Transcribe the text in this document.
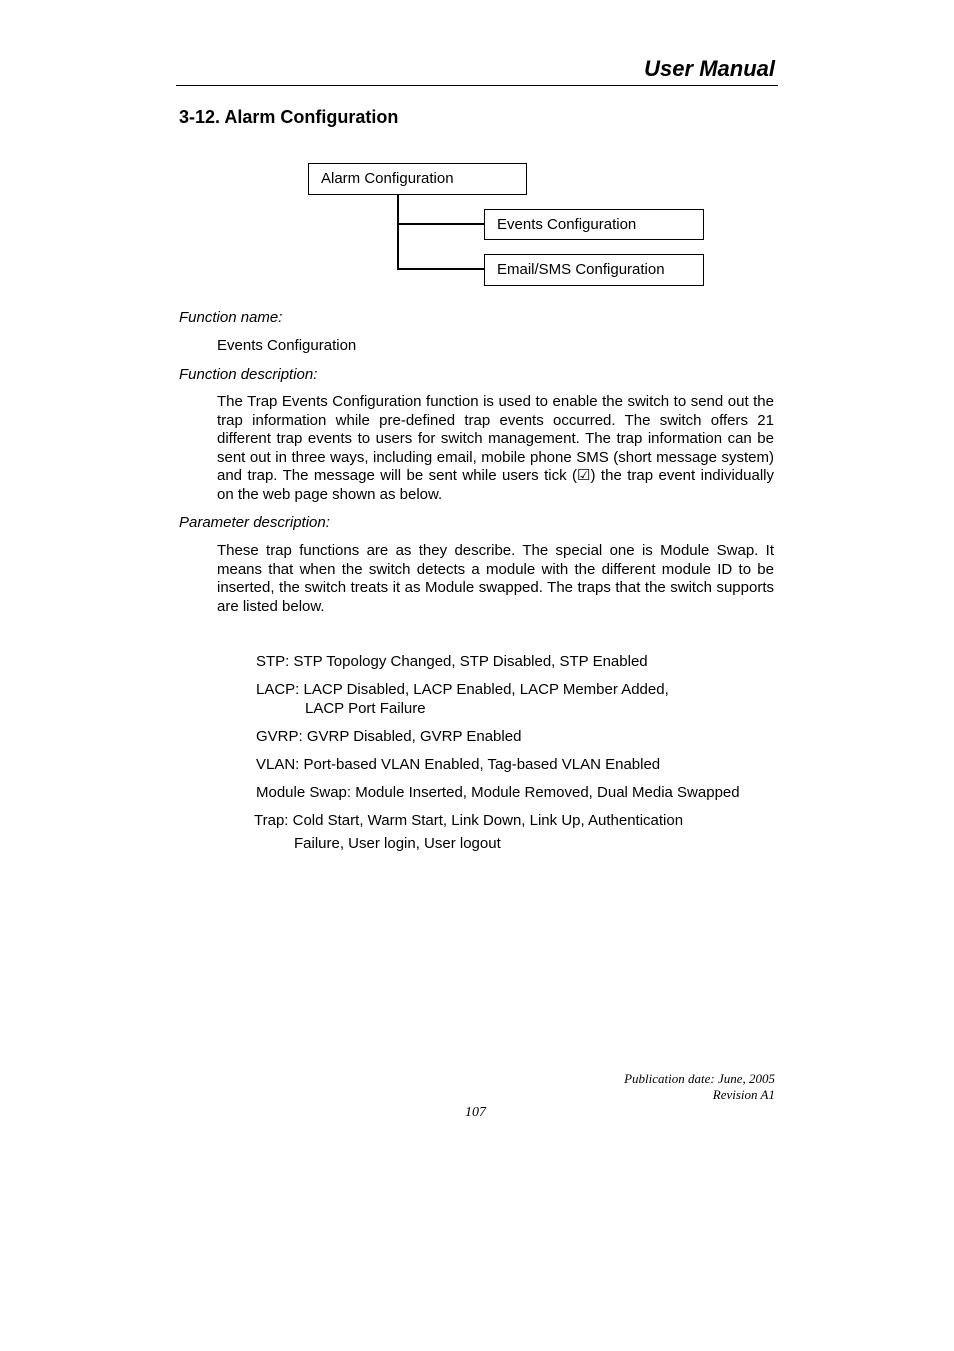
User Manual
3-12. Alarm Configuration
Alarm Configuration
Events Configuration
Email/SMS Configuration
Function name:
Events Configuration
Function description:
The Trap Events Configuration function is used to enable the switch to send out the trap information while pre-defined trap events occurred. The switch offers 21 different trap events to users for switch management. The trap information can be sent out in three ways, including email, mobile phone SMS (short message system) and trap. The message will be sent while users tick (☑) the trap event individually on the web page shown as below.
Parameter description:
These trap functions are as they describe. The special one is Module Swap. It means that when the switch detects a module with the different module ID to be inserted, the switch treats it as Module swapped. The traps that the switch supports are listed below.
STP: STP Topology Changed, STP Disabled, STP Enabled
LACP: LACP Disabled, LACP Enabled, LACP Member Added,
LACP Port Failure
GVRP: GVRP Disabled, GVRP Enabled
VLAN: Port-based VLAN Enabled, Tag-based VLAN Enabled
Module Swap: Module Inserted, Module Removed, Dual Media Swapped
Trap: Cold Start, Warm Start, Link Down, Link Up, Authentication
Failure, User login, User logout
Publication date: June, 2005
Revision A1
107
